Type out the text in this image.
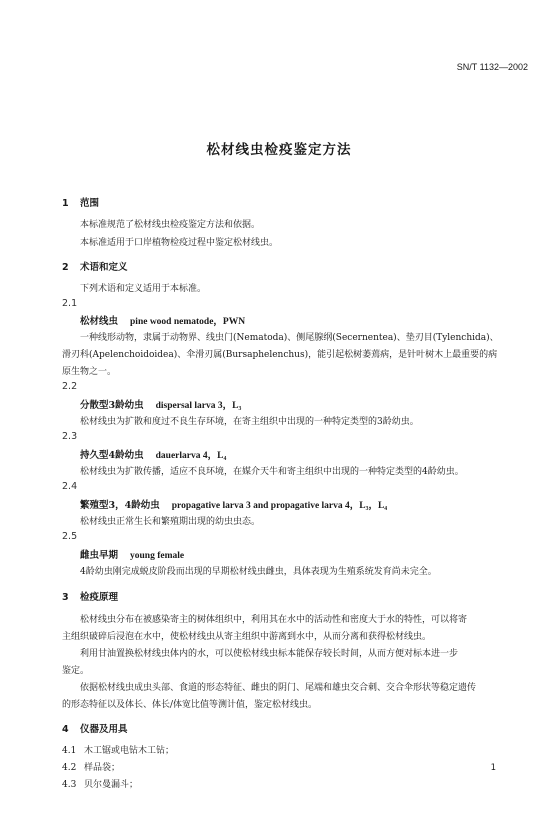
SN/T 1132—2002
松材线虫检疫鉴定方法
1 范围
本标准规范了松材线虫检疫鉴定方法和依据。
本标准适用于口岸植物检疫过程中鉴定松材线虫。
2 术语和定义
下列术语和定义适用于本标准。
2.1
松材线虫 pine wood nematode，PWN
一种线形动物，隶属于动物界、线虫门(Nematoda)、侧尾腺纲(Secernentea)、垫刃目(Tylenchida)、
滑刃科(Apelenchoidoidea)、伞滑刃属(Bursaphelenchus)，能引起松树萎蔫病，是针叶树木上最重要的病
原生物之一。
2.2
分散型3龄幼虫 dispersal larva 3，L₃
松材线虫为扩散和度过不良生存环境，在寄主组织中出现的一种特定类型的3龄幼虫。
2.3
持久型4龄幼虫 dauerlarva 4，L₄
松材线虫为扩散传播，适应不良环境，在媒介天牛和寄主组织中出现的一种特定类型的4龄幼虫。
2.4
繁殖型3，4龄幼虫 propagative larva 3 and propagative larva 4，L₃，L₄
松材线虫正常生长和繁殖期出现的幼虫虫态。
2.5
雌虫早期 young female
4龄幼虫刚完成蜕皮阶段而出现的早期松材线虫雌虫，具体表现为生殖系统发育尚未完全。
3 检疫原理
松材线虫分布在被感染寄主的树体组织中，利用其在水中的活动性和密度大于水的特性，可以将寄
主组织破碎后浸泡在水中，使松材线虫从寄主组织中游离到水中，从而分离和获得松材线虫。
利用甘油置换松材线虫体内的水，可以使松材线虫标本能保存较长时间，从而方便对标本进一步
鉴定。
依据松材线虫成虫头部、食道的形态特征、雌虫的阴门、尾端和雄虫交合刺、交合伞形状等稳定遗传
的形态特征以及体长、体长/体宽比值等测计值，鉴定松材线虫。
4 仪器及用具
4.1 木工锯或电钻木工钻；
4.2 样品袋；
4.3 贝尔曼漏斗；
1
